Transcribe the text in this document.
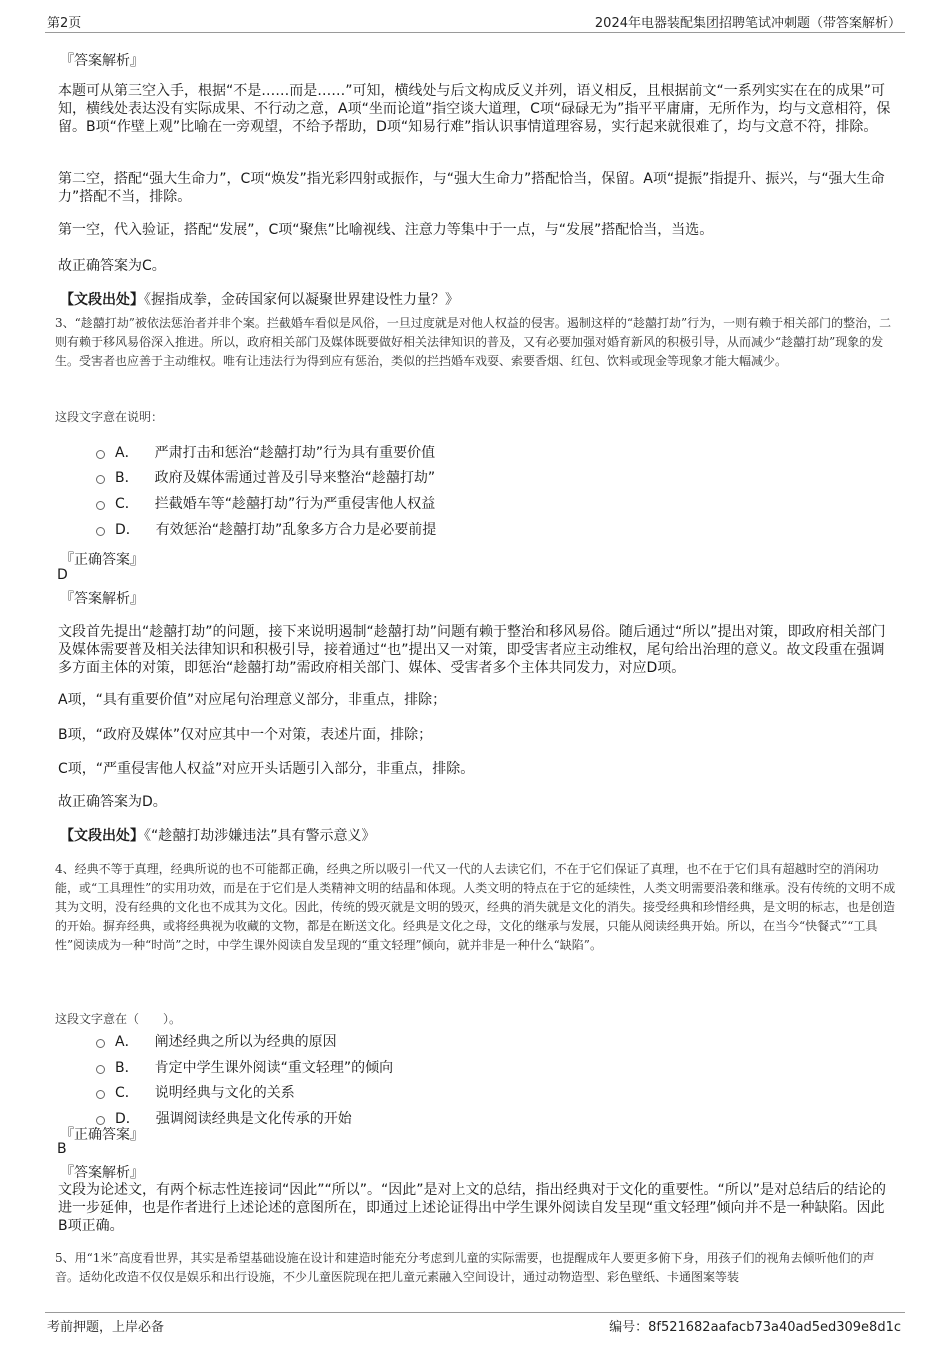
第2页	2024年电器装配集团招聘笔试冲刺题（带答案解析）

『答案解析』

本题可从第三空入手，根据“不是……而是……”可知，横线处与后文构成反义并列，语义相反，且根据前文“一系列实实在在的成果”可知，横线处表达没有实际成果、不行动之意，A项“坐而论道”指空谈大道理，C项“碌碌无为”指平平庸庸，无所作为，均与文意相符，保留。B项“作壁上观”比喻在一旁观望，不给予帮助，D项“知易行难”指认识事情道理容易，实行起来就很难了，均与文意不符，排除。

第二空，搭配“强大生命力”，C项“焕发”指光彩四射或振作，与“强大生命力”搭配恰当，保留。A项“提振”指提升、振兴，与“强大生命力”搭配不当，排除。

第一空，代入验证，搭配“发展”，C项“聚焦”比喻视线、注意力等集中于一点，与“发展”搭配恰当，当选。

故正确答案为C。

【文段出处】《握指成拳，金砖国家何以凝聚世界建设性力量？》

3、“趁囍打劫”被依法惩治者并非个案。拦截婚车看似是风俗，一旦过度就是对他人权益的侵害。遏制这样的“趁囍打劫”行为，一则有赖于相关部门的整治，二则有赖于移风易俗深入推进。所以，政府相关部门及媒体既要做好相关法律知识的普及，又有必要加强对婚育新风的积极引导，从而减少“趁囍打劫”现象的发生。受害者也应善于主动维权。唯有让违法行为得到应有惩治，类似的拦挡婚车戏耍、索要香烟、红包、饮料或现金等现象才能大幅减少。

这段文字意在说明：

A． 严肃打击和惩治“趁囍打劫”行为具有重要价值
B． 政府及媒体需通过普及引导来整治“趁囍打劫”
C． 拦截婚车等“趁囍打劫”行为严重侵害他人权益
D． 有效惩治“趁囍打劫”乱象多方合力是必要前提

『正确答案』

D

『答案解析』

文段首先提出“趁囍打劫”的问题，接下来说明遏制“趁囍打劫”问题有赖于整治和移风易俗。随后通过“所以”提出对策，即政府相关部门及媒体需要普及相关法律知识和积极引导，接着通过“也”提出又一对策，即受害者应主动维权，尾句给出治理的意义。故文段重在强调多方面主体的对策，即惩治“趁囍打劫”需政府相关部门、媒体、受害者多个主体共同发力，对应D项。

A项，“具有重要价值”对应尾句治理意义部分，非重点，排除；

B项，“政府及媒体”仅对应其中一个对策，表述片面，排除；

C项，“严重侵害他人权益”对应开头话题引入部分，非重点，排除。

故正确答案为D。

【文段出处】《“趁囍打劫涉嫌违法”具有警示意义》

4、经典不等于真理，经典所说的也不可能都正确，经典之所以吸引一代又一代的人去读它们，不在于它们保证了真理，也不在于它们具有超越时空的消闲功能，或“工具理性”的实用功效，而是在于它们是人类精神文明的结晶和体现。人类文明的特点在于它的延续性，人类文明需要沿袭和继承。没有传统的文明不成其为文明，没有经典的文化也不成其为文化。因此，传统的毁灭就是文明的毁灭，经典的消失就是文化的消失。接受经典和珍惜经典，是文明的标志，也是创造的开始。摒弃经典，或将经典视为收藏的文物，都是在断送文化。经典是文化之母，文化的继承与发展，只能从阅读经典开始。所以，在当今“快餐式”“工具性”阅读成为一种“时尚”之时，中学生课外阅读自发呈现的“重文轻理”倾向，就并非是一种什么“缺陷”。

这段文字意在（　　）。

A． 阐述经典之所以为经典的原因
B． 肯定中学生课外阅读“重文轻理”的倾向
C． 说明经典与文化的关系
D． 强调阅读经典是文化传承的开始

『正确答案』

B

『答案解析』

文段为论述文，有两个标志性连接词“因此”“所以”。“因此”是对上文的总结，指出经典对于文化的重要性。“所以”是对总结后的结论的进一步延伸，也是作者进行上述论述的意图所在，即通过上述论证得出中学生课外阅读自发呈现“重文轻理”倾向并不是一种缺陷。因此B项正确。

5、用“1米”高度看世界，其实是希望基础设施在设计和建造时能充分考虑到儿童的实际需要，也提醒成年人要更多俯下身，用孩子们的视角去倾听他们的声音。适幼化改造不仅仅是娱乐和出行设施，不少儿童医院现在把儿童元素融入空间设计，通过动物造型、彩色壁纸、卡通图案等装

考前押题，上岸必备	编号：8f521682aafacb73a40ad5ed309e8d1c
